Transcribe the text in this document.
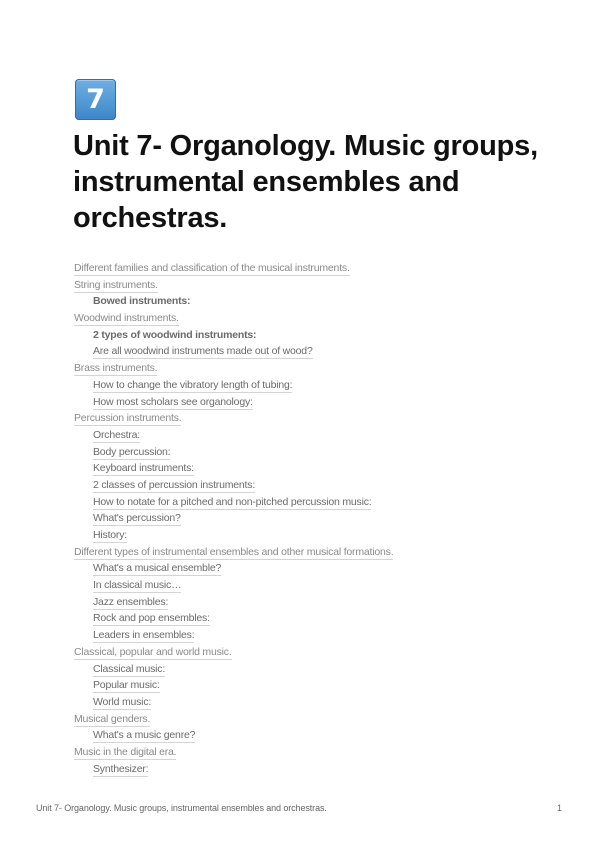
7
Unit 7- Organology. Music groups, instrumental ensembles and orchestras.
Different families and classification of the musical instruments.
String instruments.
Bowed instruments:
Woodwind instruments.
2 types of woodwind instruments:
Are all woodwind instruments made out of wood?
Brass instruments.
How to change the vibratory length of tubing:
How most scholars see organology:
Percussion instruments.
Orchestra:
Body percussion:
Keyboard instruments:
2 classes of percussion instruments:
How to notate for a pitched and non-pitched percussion music:
What's percussion?
History:
Different types of instrumental ensembles and other musical formations.
What's a musical ensemble?
In classical music…
Jazz ensembles:
Rock and pop ensembles:
Leaders in ensembles:
Classical, popular and world music.
Classical music:
Popular music:
World music:
Musical genders.
What's a music genre?
Music in the digital era.
Synthesizer:
Unit 7- Organology. Music groups, instrumental ensembles and orchestras.	1
